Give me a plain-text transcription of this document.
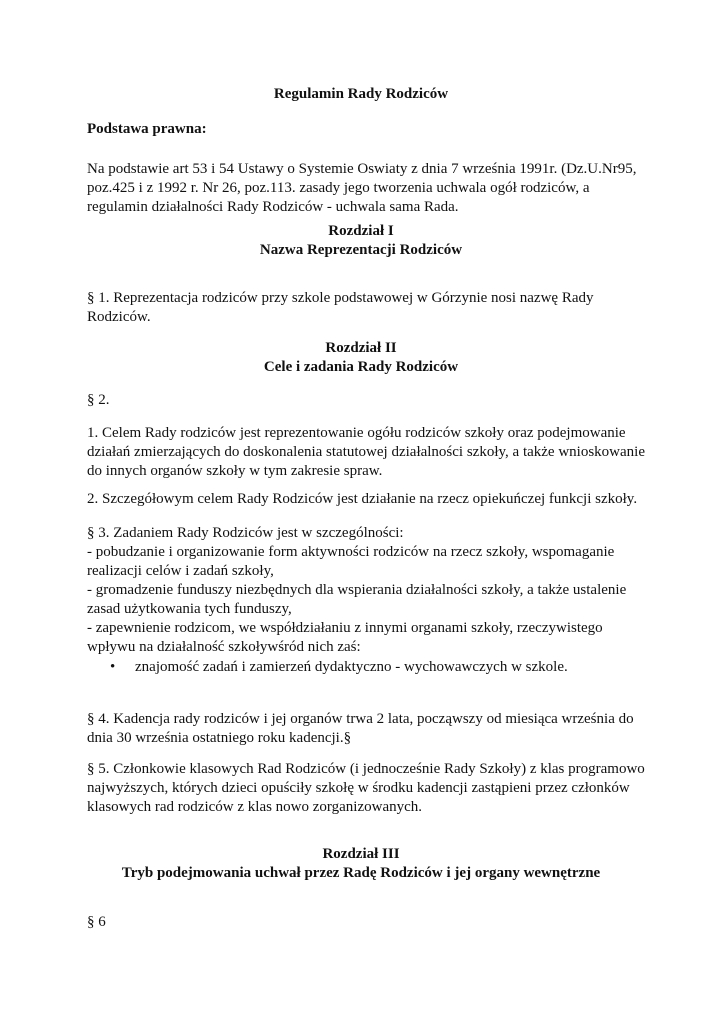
Regulamin Rady Rodziców
Podstawa prawna:
Na podstawie art 53 i 54 Ustawy o Systemie Oswiaty z dnia 7 września 1991r. (Dz.U.Nr95,
poz.425 i z 1992 r. Nr 26, poz.113. zasady jego tworzenia uchwala ogół rodziców, a
regulamin działalności Rady Rodziców - uchwala sama Rada.
Rozdział I
Nazwa Reprezentacji Rodziców
§ 1. Reprezentacja rodziców przy szkole podstawowej w Górzynie nosi nazwę Rady
Rodziców.
Rozdział II
Cele i zadania Rady Rodziców
§ 2.
1. Celem Rady rodziców jest reprezentowanie ogółu rodziców szkoły oraz podejmowanie
działań zmierzających do doskonalenia statutowej działalności szkoły, a także wnioskowanie
do innych organów szkoły w tym zakresie spraw.
2. Szczegółowym celem Rady Rodziców jest działanie na rzecz opiekuńczej funkcji szkoły.
§ 3. Zadaniem Rady Rodziców jest w szczególności:
- pobudzanie i organizowanie form aktywności rodziców na rzecz szkoły, wspomaganie
realizacji celów i zadań szkoły,
- gromadzenie funduszy niezbędnych dla wspierania działalności szkoły, a także ustalenie
zasad użytkowania tych funduszy,
- zapewnienie rodzicom, we współdziałaniu z innymi organami szkoły, rzeczywistego
wpływu na działalność szkoływśród nich zaś:
• znajomość zadań i zamierzeń dydaktyczno - wychowawczych w szkole.
§ 4. Kadencja rady rodziców i jej organów trwa 2 lata, począwszy od miesiąca września do
dnia 30 września ostatniego roku kadencji.§
§ 5. Członkowie klasowych Rad Rodziców (i jednocześnie Rady Szkoły) z klas programowo
najwyższych, których dzieci opuściły szkołę w środku kadencji zastąpieni przez członków
klasowych rad rodziców z klas nowo zorganizowanych.
Rozdział III
Tryb podejmowania uchwał przez Radę Rodziców i jej organy wewnętrzne
§ 6
